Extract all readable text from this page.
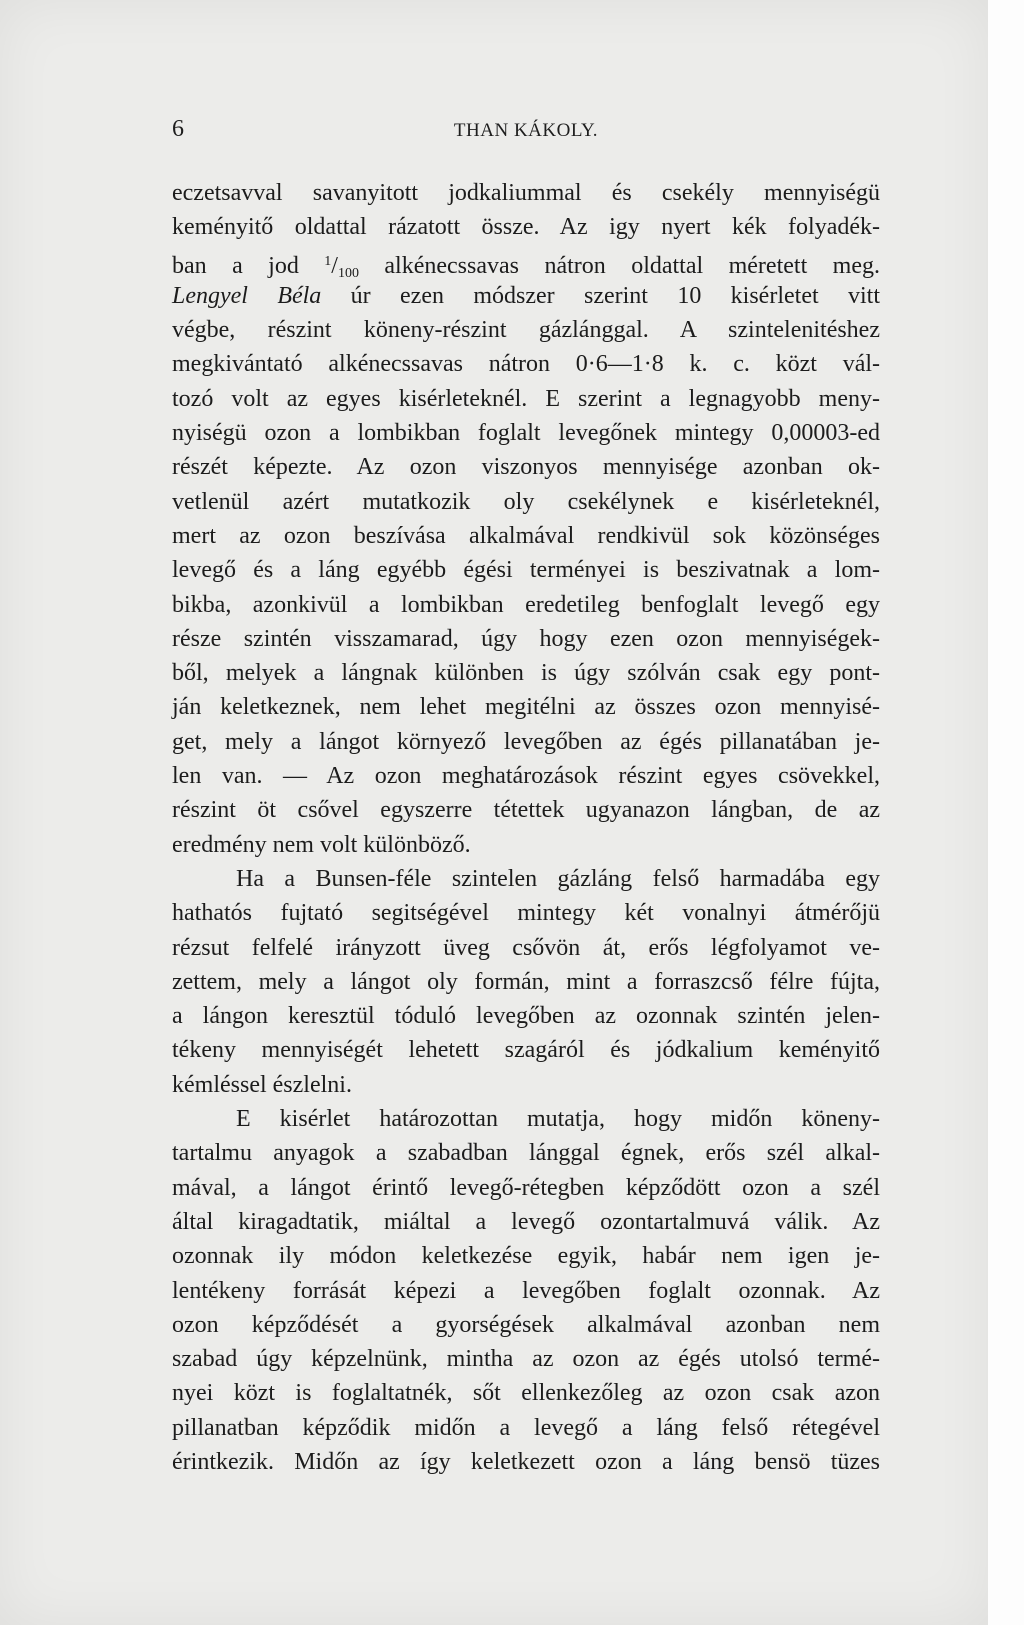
6	THAN KÁKOLY.
eczetsavval savanyitott jodkaliummal és csekély mennyiségü
keményitő oldattal rázatott össze. Az igy nyert kék folyadék-
ban a jod $^1/_{100}$ alkénecssavas nátron oldattal méretett meg.
Lengyel Béla úr ezen módszer szerint 10 kisérletet vitt
végbe, részint köneny-részint gázlánggal. A szintelenitéshez
megkivántató alkénecssavas nátron 0·6—1·8 k. c. közt vál-
tozó volt az egyes kisérleteknél. E szerint a legnagyobb meny-
nyiségü ozon a lombikban foglalt levegőnek mintegy 0,00003-ed
részét képezte. Az ozon viszonyos mennyisége azonban ok-
vetlenül azért mutatkozik oly csekélynek e kisérleteknél,
mert az ozon beszívása alkalmával rendkivül sok közönséges
levegő és a láng egyébb égési terményei is beszivatnak a lom-
bikba, azonkivül a lombikban eredetileg benfoglalt levegő egy
része szintén visszamarad, úgy hogy ezen ozon mennyiségek-
ből, melyek a lángnak különben is úgy szólván csak egy pont-
ján keletkeznek, nem lehet megitélni az összes ozon mennyisé-
get, mely a lángot környező levegőben az égés pillanatában je-
len van. — Az ozon meghatározások részint egyes csövekkel,
részint öt csővel egyszerre tétettek ugyanazon lángban, de az
eredmény nem volt különböző.
Ha a Bunsen-féle szintelen gázláng felső harmadába egy
hathatós fujtató segitségével mintegy két vonalnyi átmérőjü
rézsut felfelé irányzott üveg csővön át, erős légfolyamot ve-
zettem, mely a lángot oly formán, mint a forraszcső félre fújta,
a lángon keresztül tóduló levegőben az ozonnak szintén jelen-
tékeny mennyiségét lehetett szagáról és jódkalium keményitő
kémléssel észlelni.
E kisérlet határozottan mutatja, hogy midőn köneny-
tartalmu anyagok a szabadban lánggal égnek, erős szél alkal-
mával, a lángot érintő levegő-rétegben képződött ozon a szél
által kiragadtatik, miáltal a levegő ozontartalmuvá válik. Az
ozonnak ily módon keletkezése egyik, habár nem igen je-
lentékeny forrását képezi a levegőben foglalt ozonnak. Az
ozon képződését a gyorségések alkalmával azonban nem
szabad úgy képzelnünk, mintha az ozon az égés utolsó termé-
nyei közt is foglaltatnék, sőt ellenkezőleg az ozon csak azon
pillanatban képződik midőn a levegő a láng felső rétegével
érintkezik. Midőn az így keletkezett ozon a láng bensö tüzes
